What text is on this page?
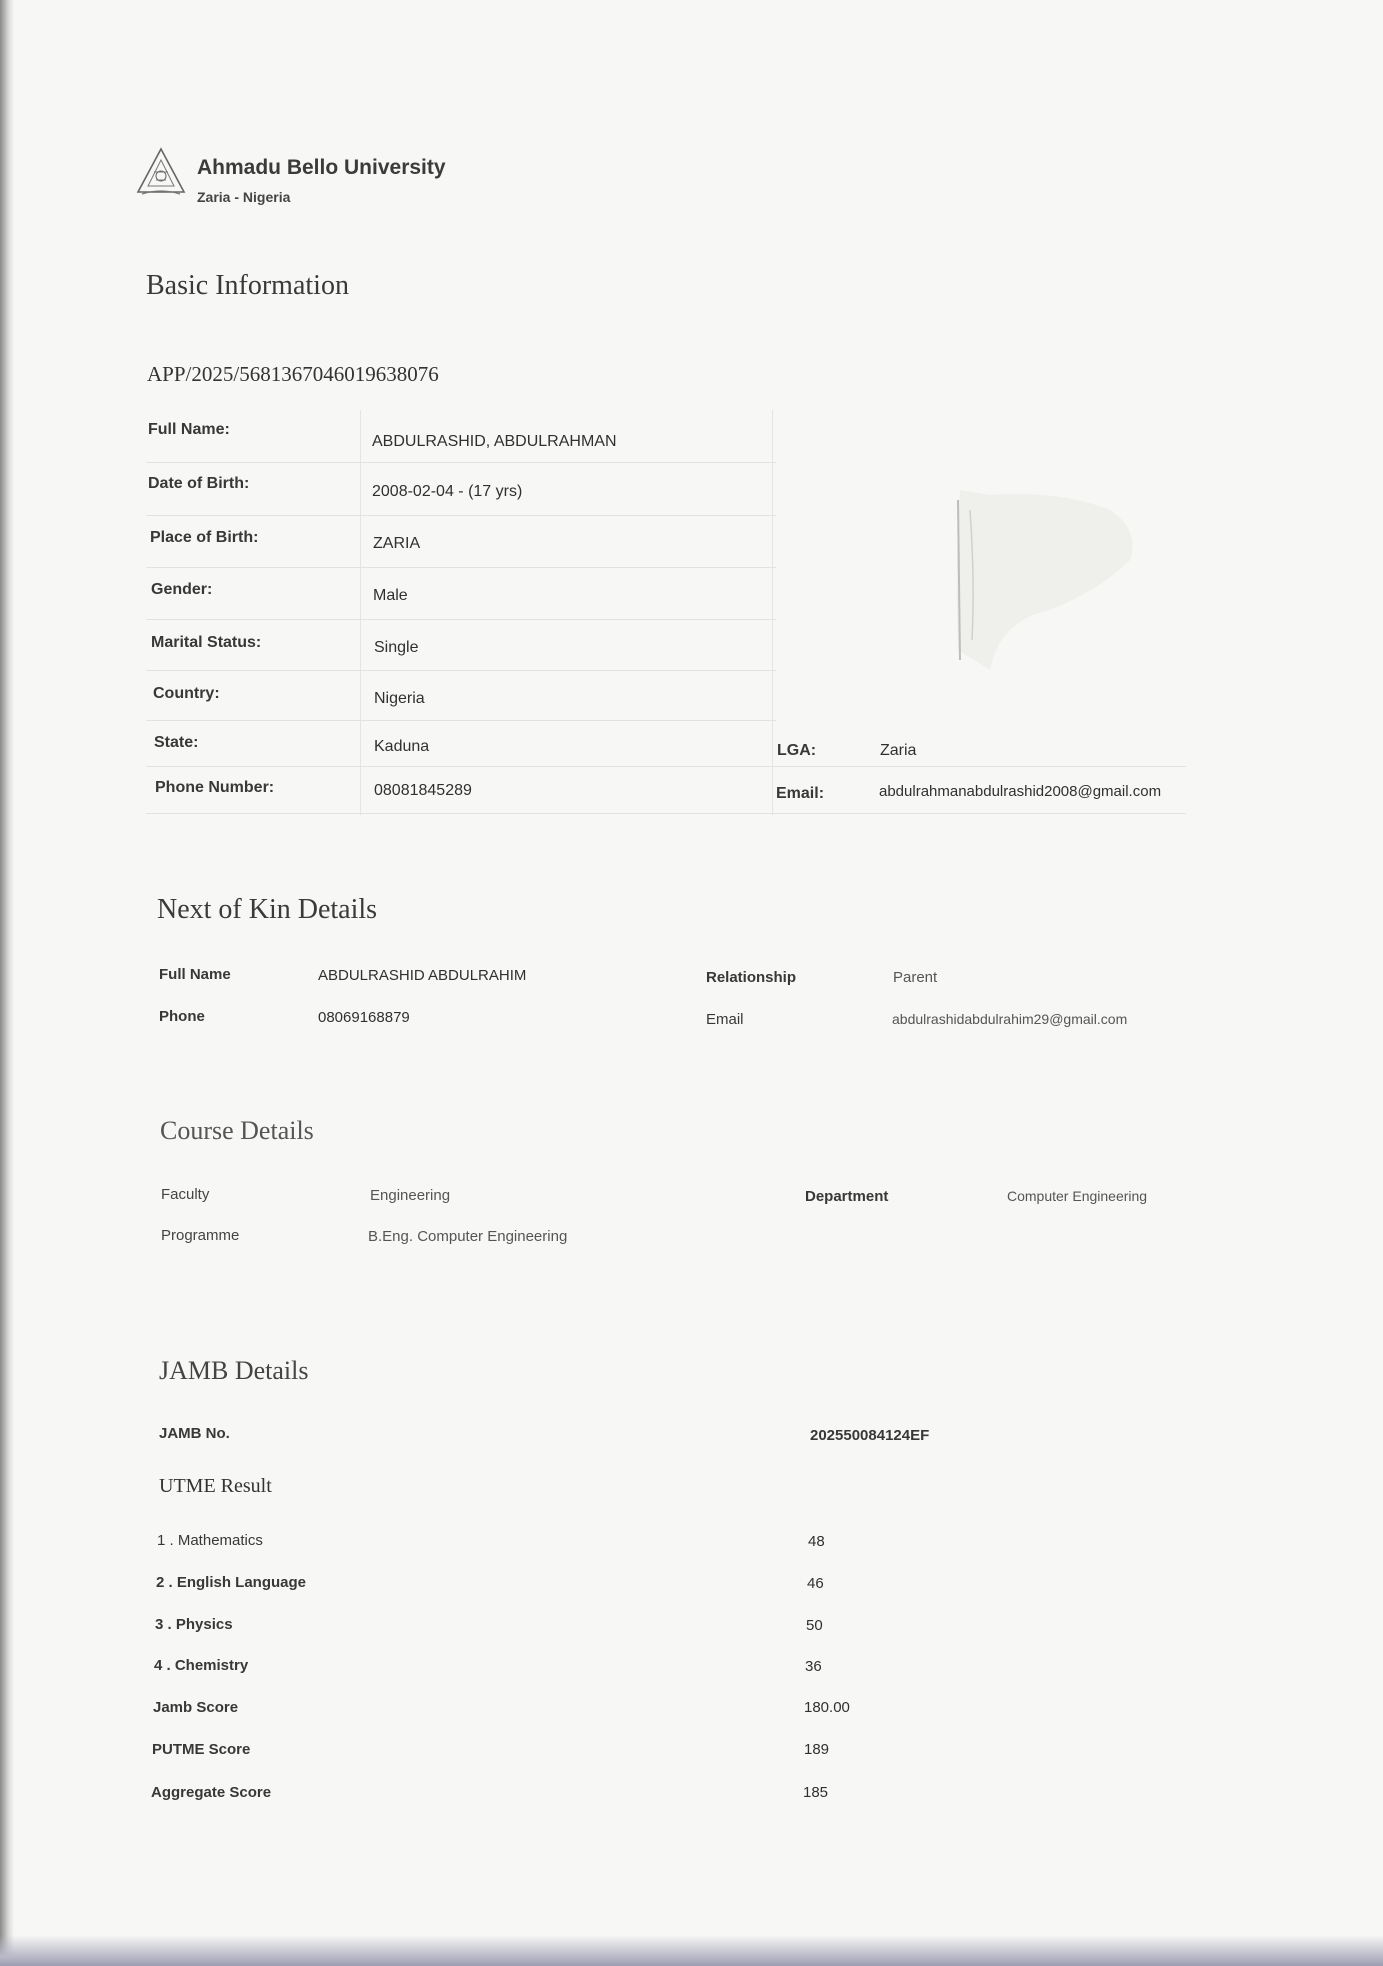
Ahmadu Bello University
Zaria - Nigeria
Basic Information
APP/2025/5681367046019638076
Full Name:
ABDULRASHID, ABDULRAHMAN
Date of Birth:	2008-02-04 - (17 yrs)
Place of Birth:	ZARIA
Gender:	Male
Marital Status:	Single
Country:	Nigeria
State:	Kaduna	LGA:	Zaria
Phone Number:	08081845289	Email:	abdulrahmanabdulrashid2008@gmail.com
Next of Kin Details
Full Name	ABDULRASHID ABDULRAHIM	Relationship	Parent
Phone	08069168879	Email	abdulrashidabdulrahim29@gmail.com
Course Details
Faculty	Engineering	Department	Computer Engineering
Programme	B.Eng. Computer Engineering
JAMB Details
JAMB No.	202550084124EF
UTME Result
1 . Mathematics	48
2 . English Language	46
3 . Physics	50
4 . Chemistry	36
Jamb Score	180.00
PUTME Score	189
Aggregate Score	185
